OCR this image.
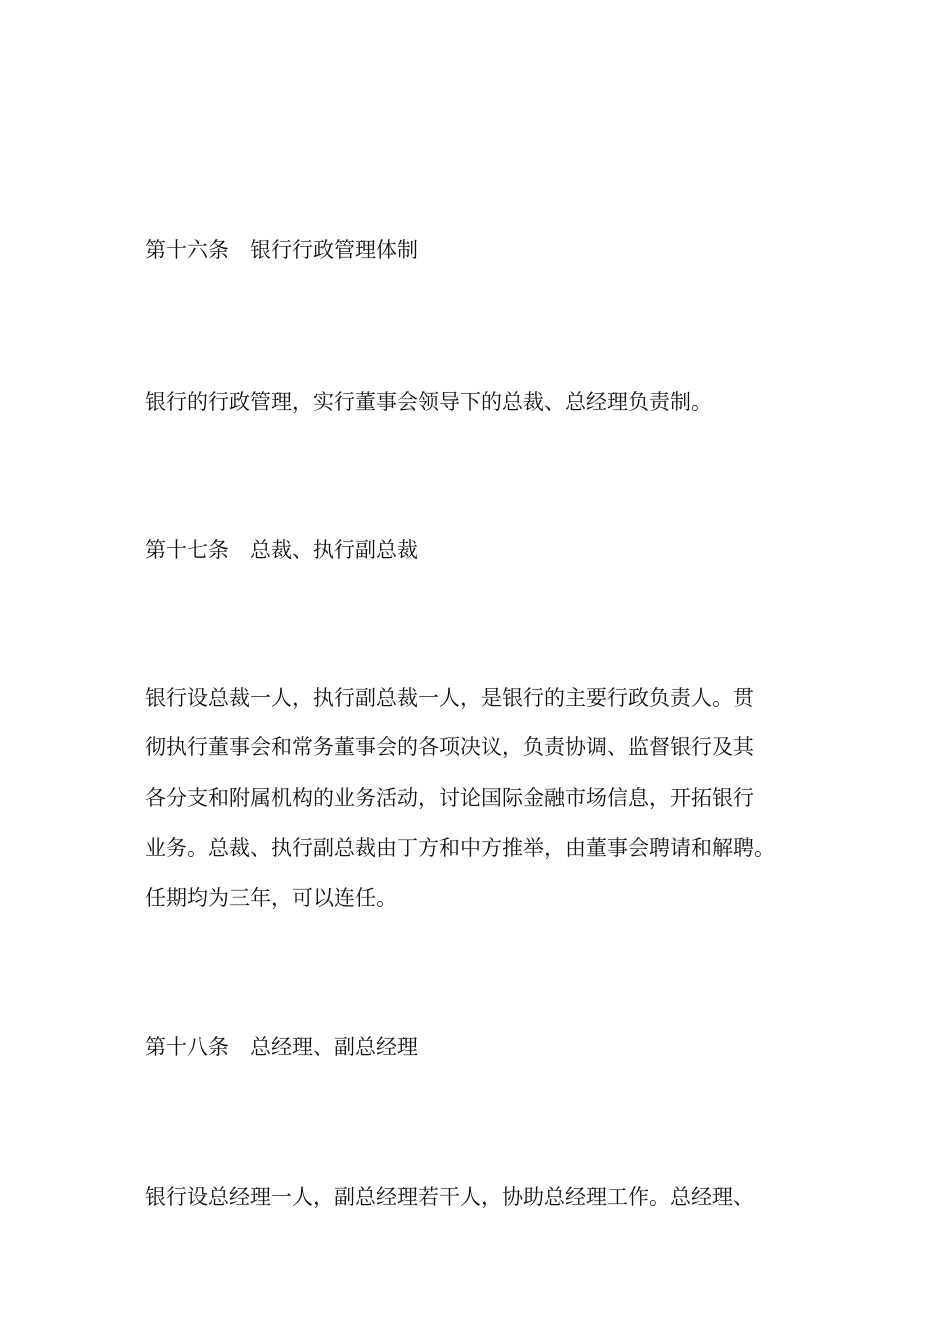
第十六条　银行行政管理体制

银行的行政管理，实行董事会领导下的总裁、总经理负责制。

第十七条　总裁、执行副总裁

银行设总裁一人，执行副总裁一人，是银行的主要行政负责人。贯

彻执行董事会和常务董事会的各项决议，负责协调、监督银行及其

各分支和附属机构的业务活动，讨论国际金融市场信息，开拓银行

业务。总裁、执行副总裁由丁方和中方推举，由董事会聘请和解聘。

任期均为三年，可以连任。

第十八条　总经理、副总经理

银行设总经理一人，副总经理若干人，协助总经理工作。总经理、
